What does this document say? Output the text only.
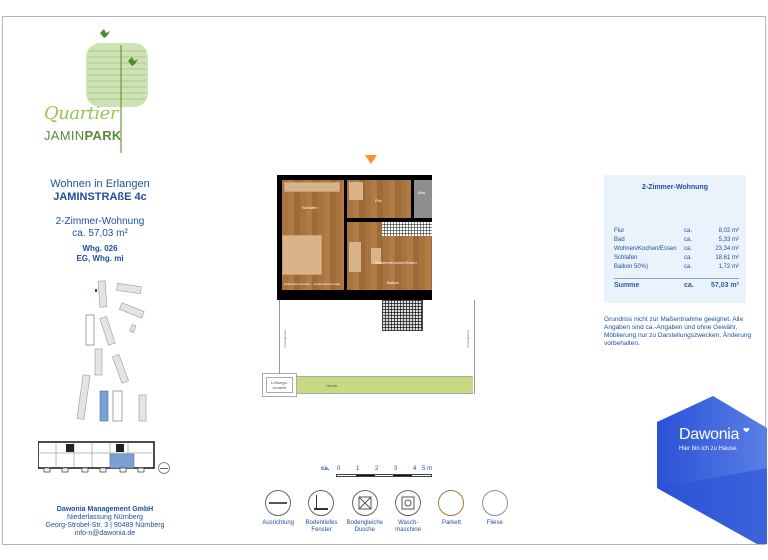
Quartier
JAMINPARK
Wohnen in Erlangen
JAMINSTRAßE 4c
2-Zimmer-Wohnung
ca. 57,03 m²
Whg. 026
EG, Whg. mi
Dawonia Management GmbH
Niederlassung Nürnberg
Georg-Strobel-Str. 3 | 90489 Nürnberg
info-n@dawonia.de
Schlafen
bodentiefes Fenster bodentiefes Fenster
Flur
Bad
Wohnen/Kochen/Essen
Balkon
Grundgrenze	Grundgrenze
Hecke
Lüftungs-schacht
ca. 0	1	2	3	4 5 m
Ausrichtung	Bodentiefes Fenster
Bodengleiche Dusche
Wasch-maschine
Parkett	Fliese
2-Zimmer-Wohnung
Flur	ca.	8,02 m²
Bad	ca.	5,33 m²
Wohnen/Kochen/Essen	ca.	23,34 m²
Schlafen	ca.	18,61 m²
Balkon 50%)	ca.	1,72 m²
Summe	ca.	57,03 m²
Grundriss nicht zur Maßentnahme geeignet. Alle Angaben sind ca.-Angaben und ohne Gewähr. Möblierung nur zu Darstellungszwecken. Änderung vorbehalten.
Dawonia ❤
Hier bin ich zu Hause.
